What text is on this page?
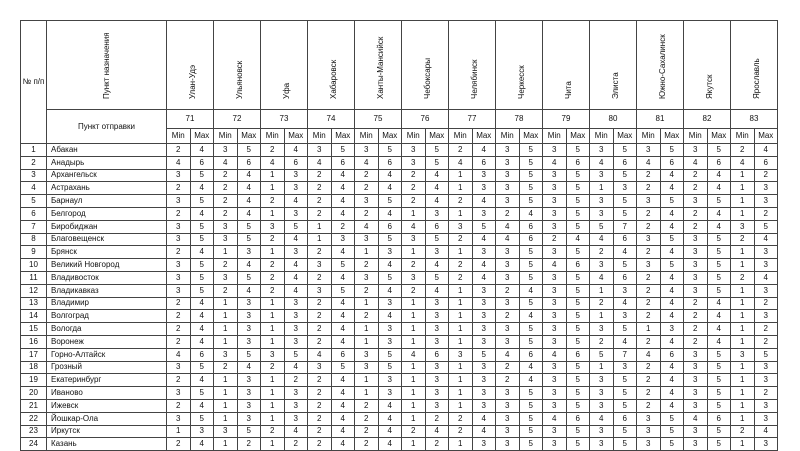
№ п/п	Пункт назначения	Улан-Удэ		Ульяновск		Уфа		Хабаровск		Ханты-Мансийск		Чебоксары		Челябинск		Черкесск		Чита		Элиста		Южно-Сахалинск		Якутск		Ярославль	

	Пункт отправки	71		72		73		74		75		76		77		78		79		80		81		82		83	
		Min	Max	Min	Max	Min	Max	Min	Max	Min	Max	Min	Max	Min	Max	Min	Max	Min	Max	Min	Max	Min	Max	Min	Max	Min	Max
1	Абакан	2	4	3	5	2	4	3	5	3	5	3	5	2	4	3	5	3	5	3	5	3	5	3	5	2	4
2	Анадырь	4	6	4	6	4	6	4	6	4	6	3	5	4	6	3	5	4	6	4	6	4	6	4	6	4	6
3	Архангельск	3	5	2	4	1	3	2	4	2	4	2	4	1	3	3	5	3	5	3	5	2	4	2	4	1	2
4	Астрахань	2	4	2	4	1	3	2	4	2	4	2	4	1	3	3	5	3	5	1	3	2	4	2	4	1	3
5	Барнаул	3	5	2	4	2	4	2	4	3	5	2	4	2	4	3	5	3	5	3	5	3	5	3	5	1	3
6	Белгород	2	4	2	4	1	3	2	4	2	4	1	3	1	3	2	4	3	5	3	5	2	4	2	4	1	2
7	Биробиджан	3	5	3	5	3	5	1	2	4	6	4	6	3	5	4	6	3	5	5	7	2	4	2	4	3	5
8	Благовещенск	3	5	3	5	2	4	1	3	3	5	3	5	2	4	4	6	2	4	4	6	3	5	3	5	2	4
9	Брянск	2	4	1	3	1	3	2	4	1	3	1	3	1	3	3	5	3	5	2	4	2	4	3	5	1	3
10	Великий Новгород	3	5	2	4	2	4	3	5	2	4	2	4	2	4	3	5	4	6	3	5	3	5	3	5	1	3
11	Владивосток	3	5	3	5	2	4	2	4	3	5	3	5	2	4	3	5	3	5	4	6	2	4	3	5	2	4
12	Владикавказ	3	5	2	4	2	4	3	5	2	4	2	4	1	3	2	4	3	5	1	3	2	4	3	5	1	3
13	Владимир	2	4	1	3	1	3	2	4	1	3	1	3	1	3	3	5	3	5	2	4	2	4	2	4	1	2
14	Волгоград	2	4	1	3	1	3	2	4	2	4	1	3	1	3	2	4	3	5	1	3	2	4	2	4	1	3
15	Вологда	2	4	1	3	1	3	2	4	1	3	1	3	1	3	3	5	3	5	3	5	1	3	2	4	1	2
16	Воронеж	2	4	1	3	1	3	2	4	1	3	1	3	1	3	3	5	3	5	2	4	2	4	2	4	1	2
17	Горно-Алтайск	4	6	3	5	3	5	4	6	3	5	4	6	3	5	4	6	4	6	5	7	4	6	3	5	3	5
18	Грозный	3	5	2	4	2	4	3	5	3	5	1	3	1	3	2	4	3	5	1	3	2	4	3	5	1	3
19	Екатеринбург	2	4	1	3	1	2	2	4	1	3	1	3	1	3	2	4	3	5	3	5	2	4	3	5	1	3
20	Иваново	3	5	1	3	1	3	2	4	1	3	1	3	1	3	3	5	3	5	3	5	2	4	3	5	1	2
21	Ижевск	2	4	1	3	1	3	2	4	2	4	1	3	1	3	3	5	3	5	3	5	2	4	3	5	1	3
22	Йошкар-Ола	3	5	1	3	1	3	2	4	2	4	1	2	2	4	3	5	4	6	4	6	3	5	4	6	1	3
23	Иркутск	1	3	3	5	2	4	2	4	2	4	2	4	2	4	3	5	3	5	3	5	3	5	3	5	2	4
24	Казань	2	4	1	2	1	2	2	4	2	4	1	2	1	3	3	5	3	5	3	5	3	5	3	5	1	3
